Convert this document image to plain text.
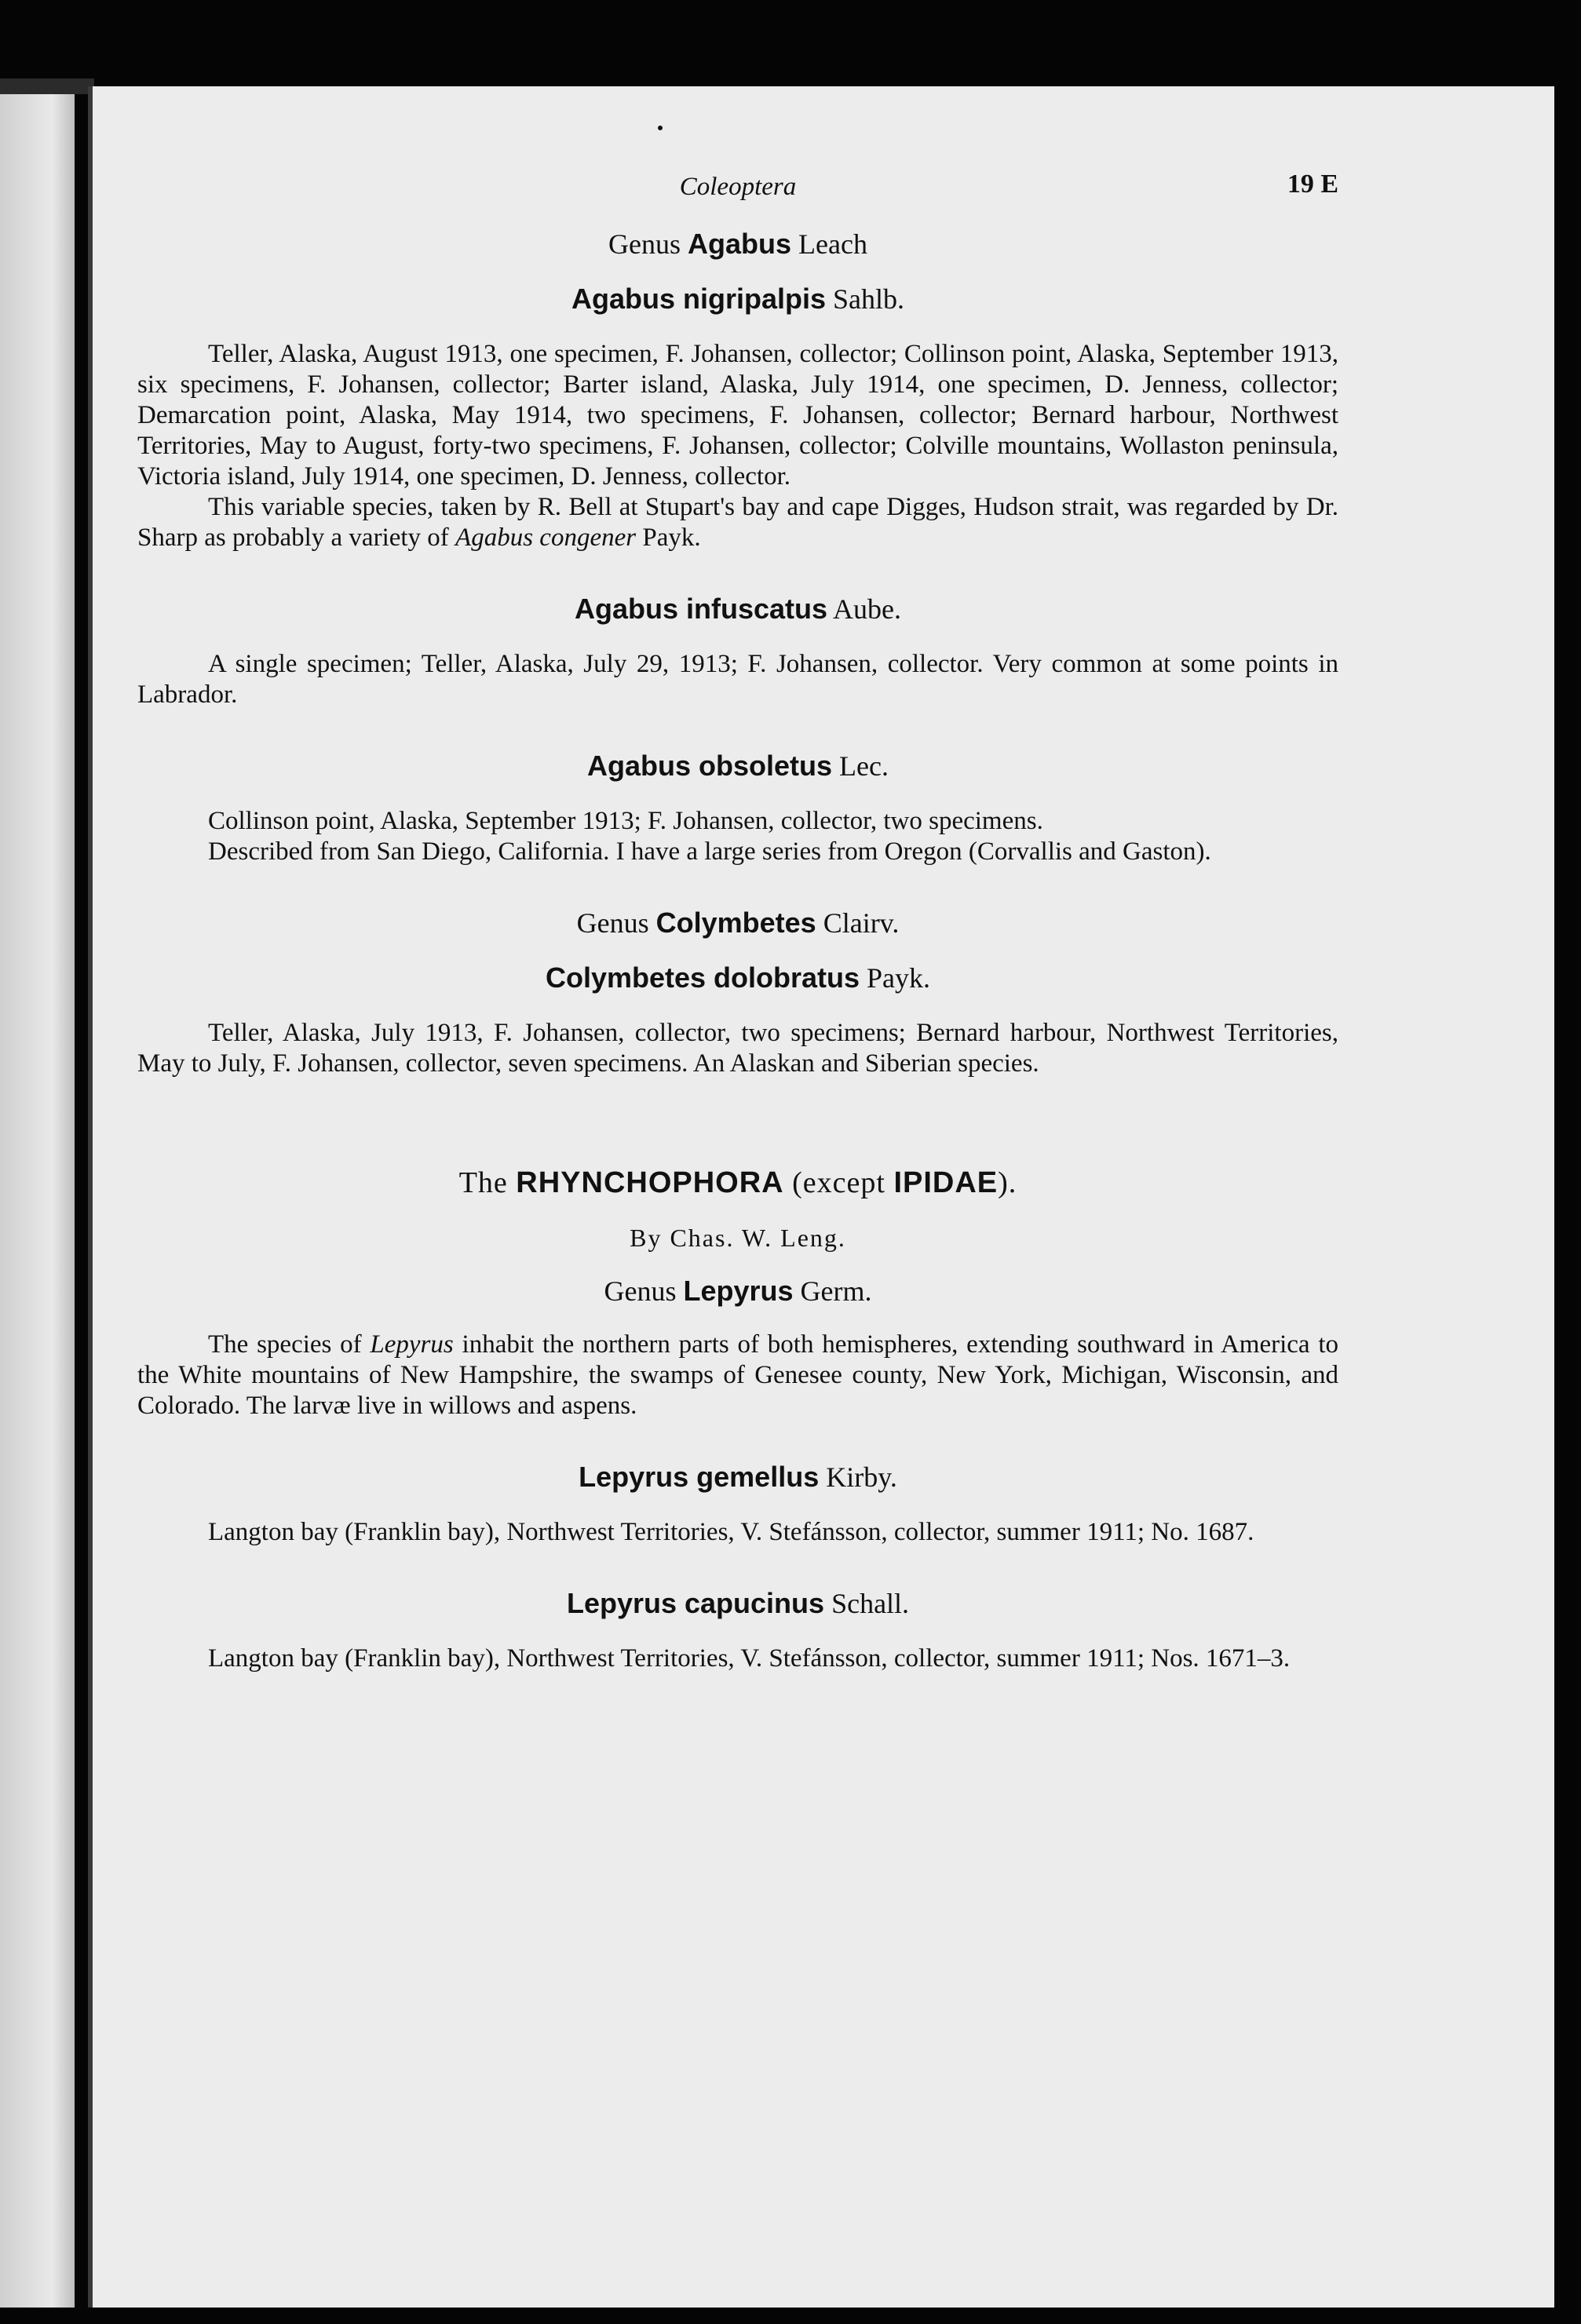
Coleoptera	19 E
Genus Agabus Leach
Agabus nigripalpis Sahlb.

Teller, Alaska, August 1913, one specimen, F. Johansen, collector; Collinson point, Alaska, September 1913, six specimens, F. Johansen, collector; Barter island, Alaska, July 1914, one specimen, D. Jenness, collector; Demarcation point, Alaska, May 1914, two specimens, F. Johansen, collector; Bernard harbour, Northwest Territories, May to August, forty-two specimens, F. Johansen, collector; Colville mountains, Wollaston peninsula, Victoria island, July 1914, one specimen, D. Jenness, collector.

This variable species, taken by R. Bell at Stupart's bay and cape Digges, Hudson strait, was regarded by Dr. Sharp as probably a variety of Agabus congener Payk.

Agabus infuscatus Aube.

A single specimen; Teller, Alaska, July 29, 1913; F. Johansen, collector. Very common at some points in Labrador.

Agabus obsoletus Lec.

Collinson point, Alaska, September 1913; F. Johansen, collector, two specimens.

Described from San Diego, California. I have a large series from Oregon (Corvallis and Gaston).

Genus Colymbetes Clairv.
Colymbetes dolobratus Payk.

Teller, Alaska, July 1913, F. Johansen, collector, two specimens; Bernard harbour, Northwest Territories, May to July, F. Johansen, collector, seven specimens. An Alaskan and Siberian species.

The RHYNCHOPHORA (except IPIDAE).
By Chas. W. Leng.
Genus Lepyrus Germ.

The species of Lepyrus inhabit the northern parts of both hemispheres, extending southward in America to the White mountains of New Hampshire, the swamps of Genesee county, New York, Michigan, Wisconsin, and Colorado. The larvæ live in willows and aspens.

Lepyrus gemellus Kirby.

Langton bay (Franklin bay), Northwest Territories, V. Stefánsson, collector, summer 1911; No. 1687.

Lepyrus capucinus Schall.

Langton bay (Franklin bay), Northwest Territories, V. Stefánsson, collector, summer 1911; Nos. 1671–3.
